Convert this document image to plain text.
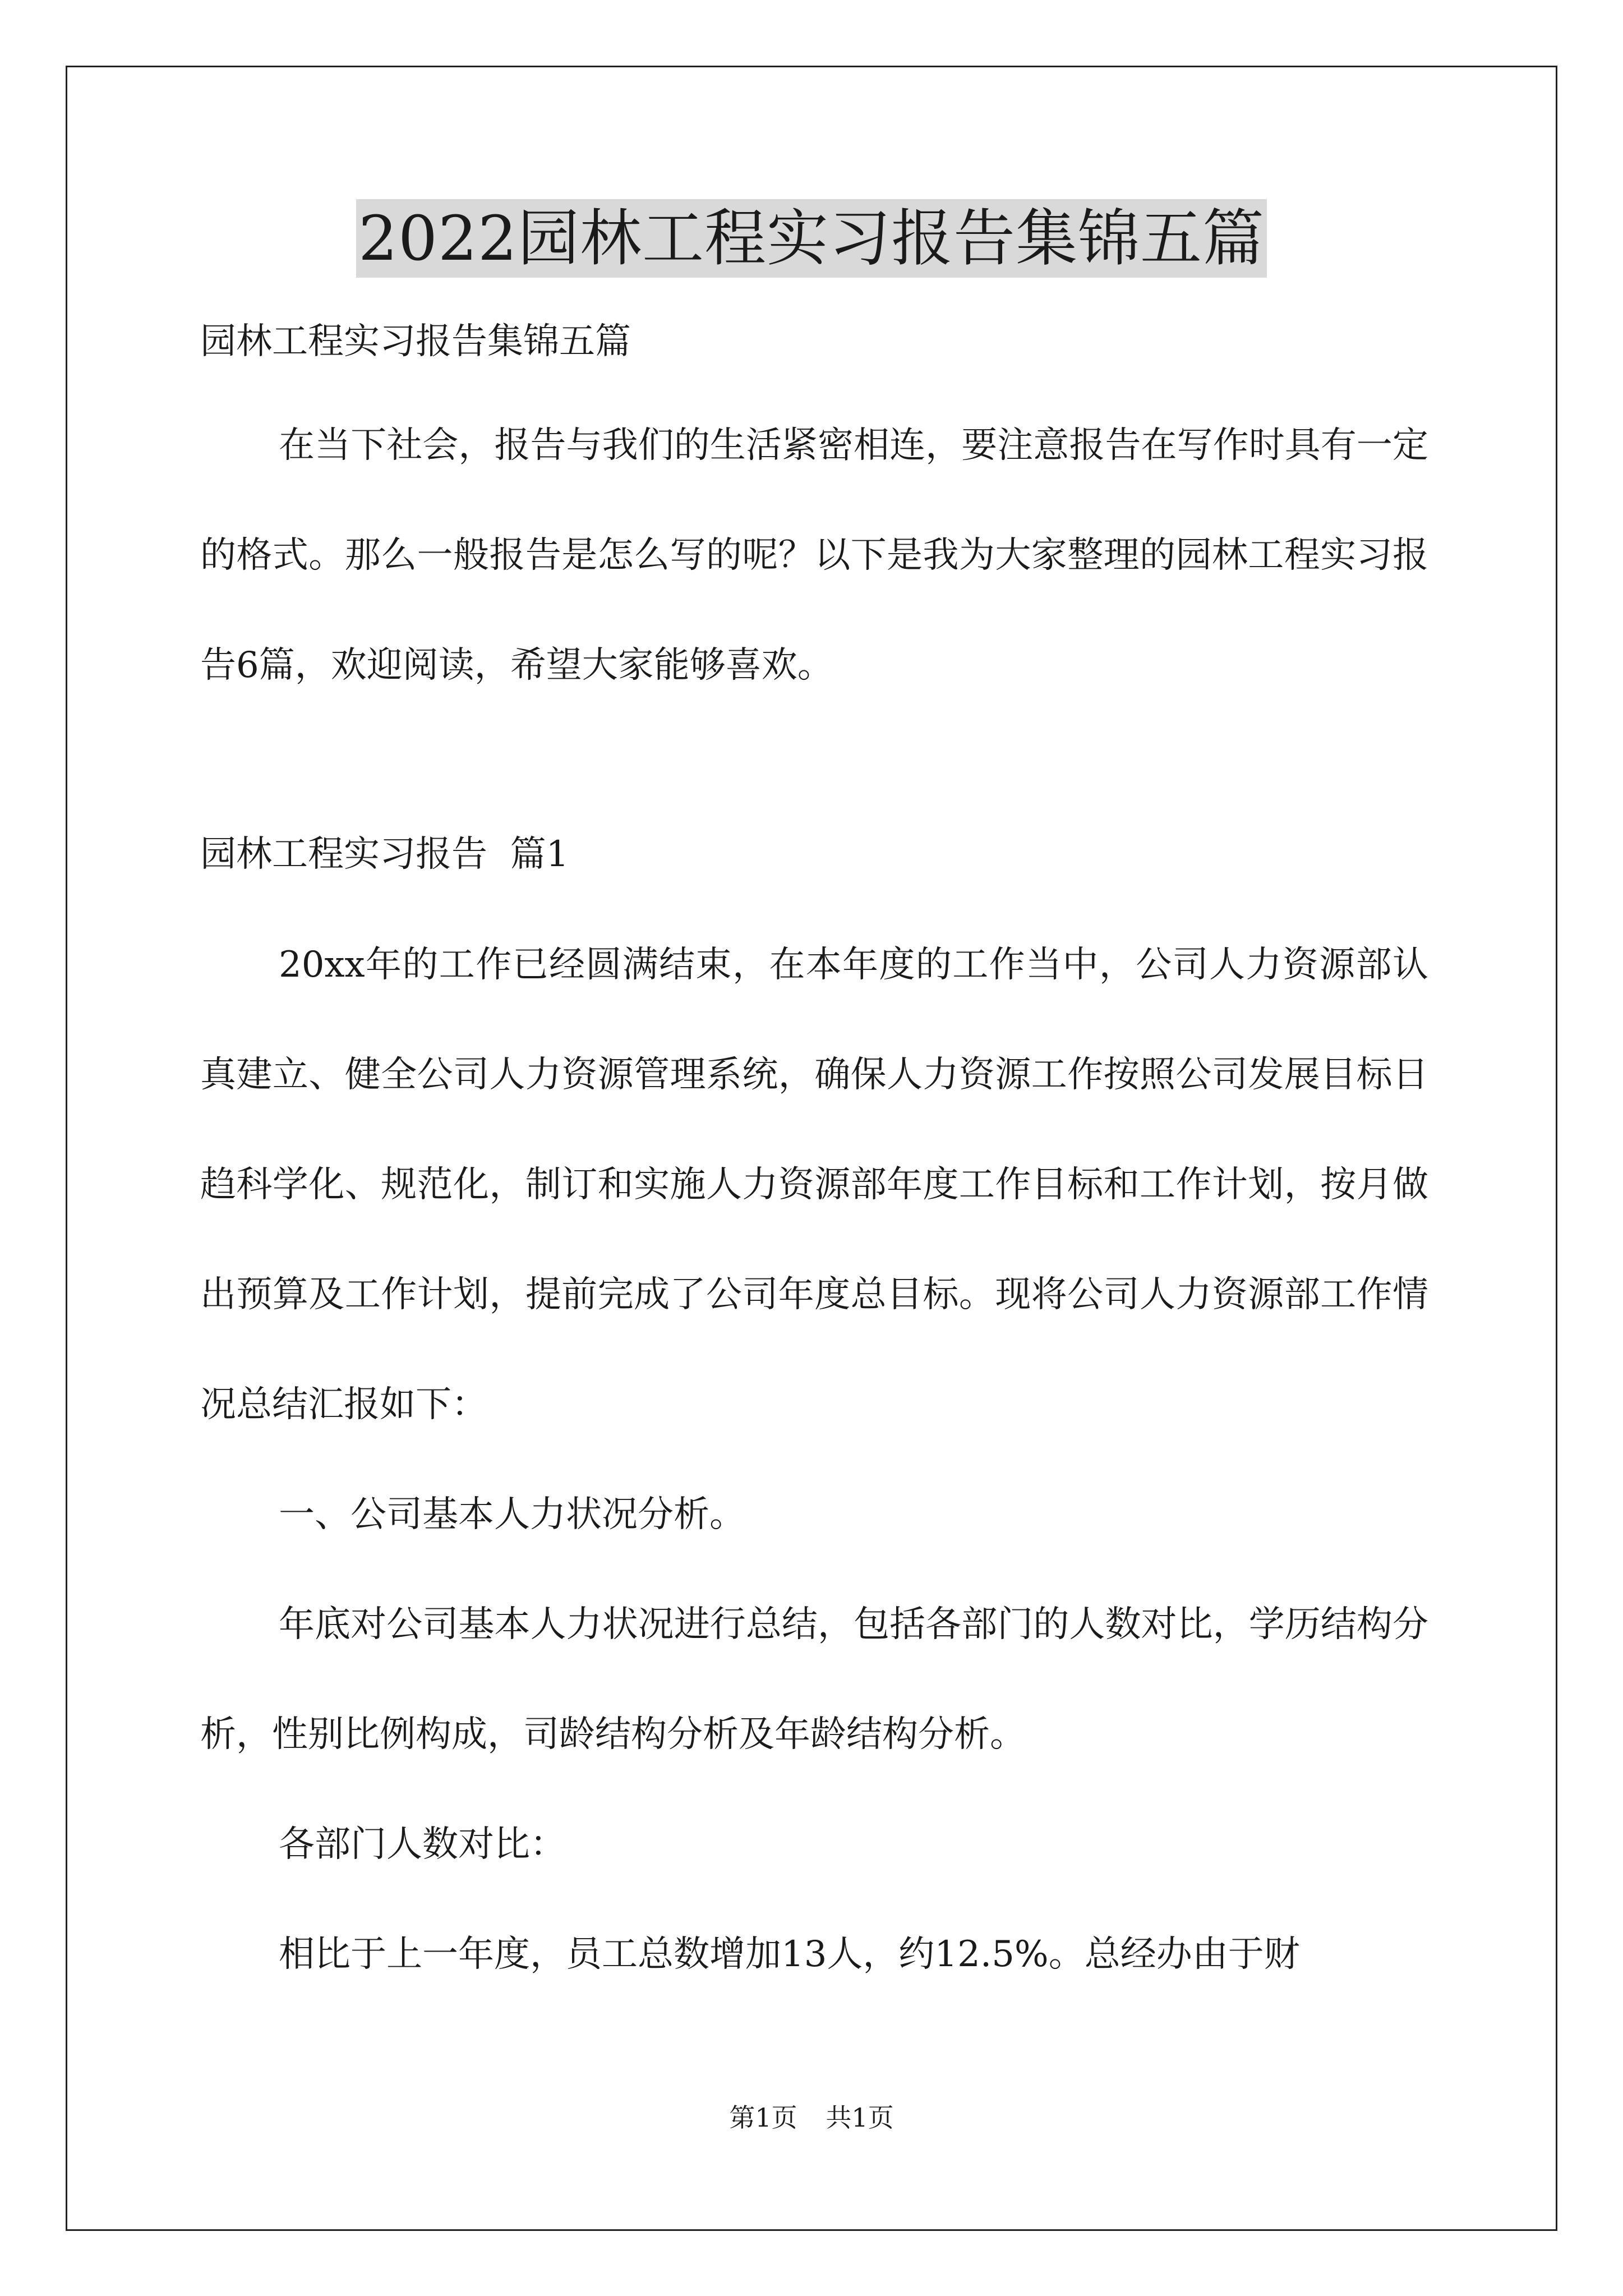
2022园林工程实习报告集锦五篇

园林工程实习报告集锦五篇

在当下社会，报告与我们的生活紧密相连，要注意报告在写作时具有一定的格式。那么一般报告是怎么写的呢？以下是我为大家整理的园林工程实习报告6篇，欢迎阅读，希望大家能够喜欢。

园林工程实习报告  篇1

20xx年的工作已经圆满结束，在本年度的工作当中，公司人力资源部认真建立、健全公司人力资源管理系统，确保人力资源工作按照公司发展目标日趋科学化、规范化，制订和实施人力资源部年度工作目标和工作计划，按月做出预算及工作计划，提前完成了公司年度总目标。现将公司人力资源部工作情况总结汇报如下：

一、公司基本人力状况分析。

年底对公司基本人力状况进行总结，包括各部门的人数对比，学历结构分析，性别比例构成，司龄结构分析及年龄结构分析。

各部门人数对比：

相比于上一年度，员工总数增加13人，约12.5%。总经办由于财

第1页 共1页
